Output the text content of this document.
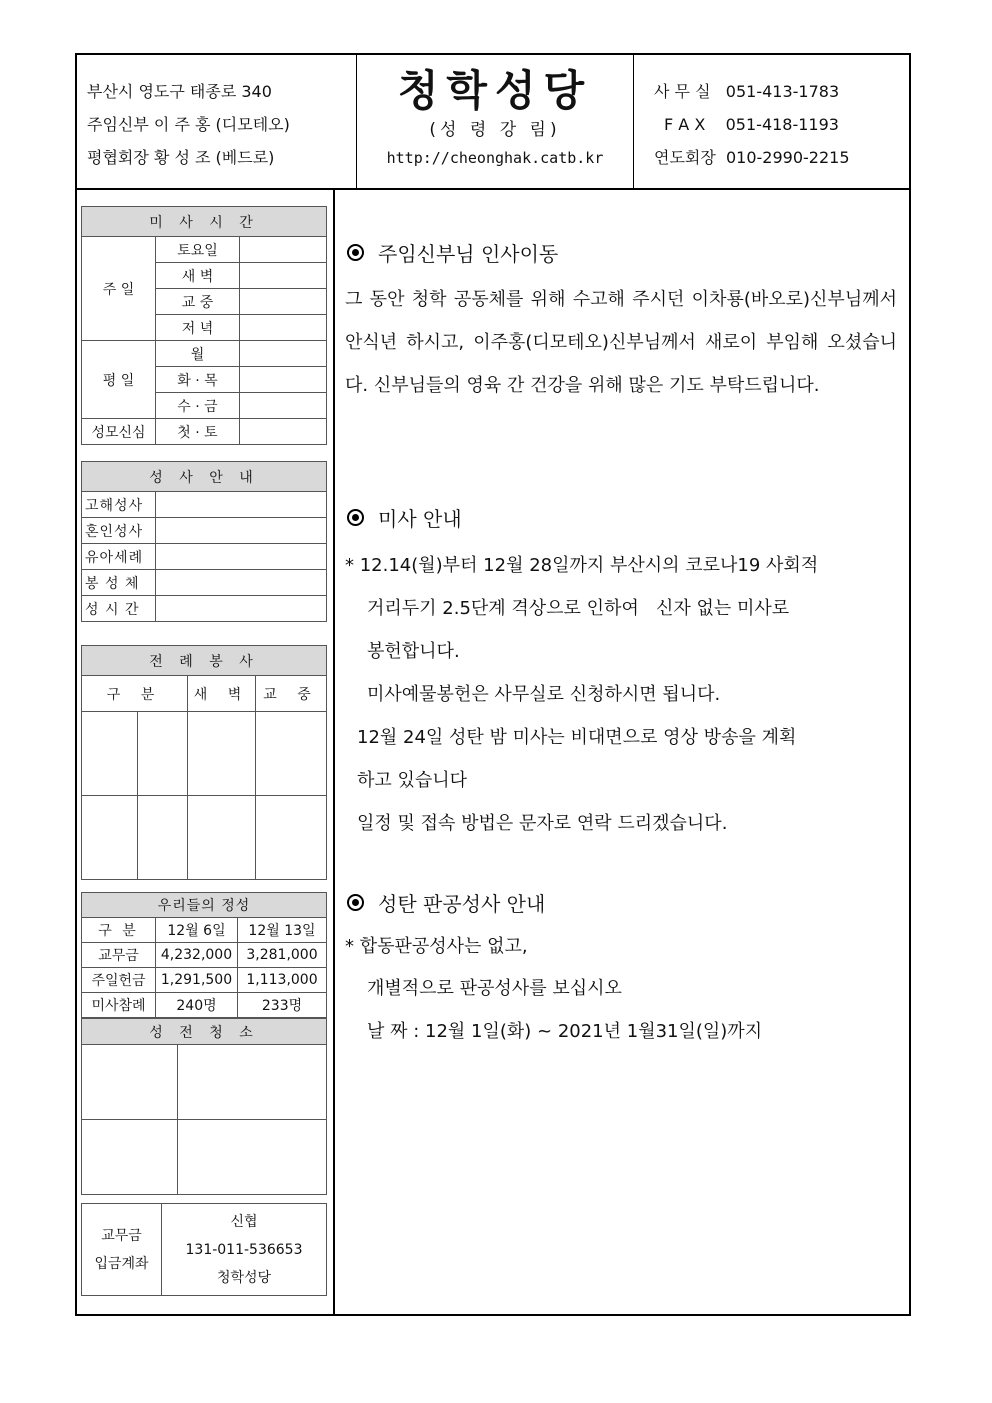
부산시 영도구 태종로 340
주임신부 이 주 홍 (디모테오)
평협회장 황 성 조 (베드로)
청학성당
(성 령 강 림)
http://cheonghak.catb.kr
사 무 실   051-413-1783
F A X    051-418-1193
연도회장  010-2990-2215
미 사 시 간		
주 일	토요일	
	새 벽	
	교 중	
	저 녁	
평 일	월	
	화 · 목	
	수 · 금	
성모신심	첫 · 토	
성 사 안 내	
고해성사	
혼인성사	
유아세례	
봉 성 체	
성 시 간	
전 례 봉 사			
구 분		새 벽	교 중

우리들의 정성		
구 분	12월 6일	12월 13일
교무금	4,232,000	3,281,000
주일헌금	1,291,500	1,113,000
미사참례	240명	233명
성 전 청 소	

교무금
입금계좌

신협
131-011-536653
청학성당
주임신부님 인사이동
그 동안 청학 공동체를 위해 수고해 주시던 이차룡(바오로)신부님께서 안식년 하시고, 이주홍(디모테오)신부님께서 새로이 부임해 오셨습니다. 신부님들의 영육 간 건강을 위해 많은 기도 부탁드립니다.
미사 안내
* 12.14(월)부터 12월 28일까지 부산시의 코로나19 사회적
거리두기 2.5단계 격상으로 인하여   신자 없는 미사로
봉헌합니다.
미사예물봉헌은 사무실로 신청하시면 됩니다.
12월 24일 성탄 밤 미사는 비대면으로 영상 방송을 계획
하고 있습니다
일정 및 접속 방법은 문자로 연락 드리겠습니다.
성탄 판공성사 안내
* 합동판공성사는 없고,
개별적으로 판공성사를 보십시오
날 짜 : 12월 1일(화) ~ 2021년 1월31일(일)까지
